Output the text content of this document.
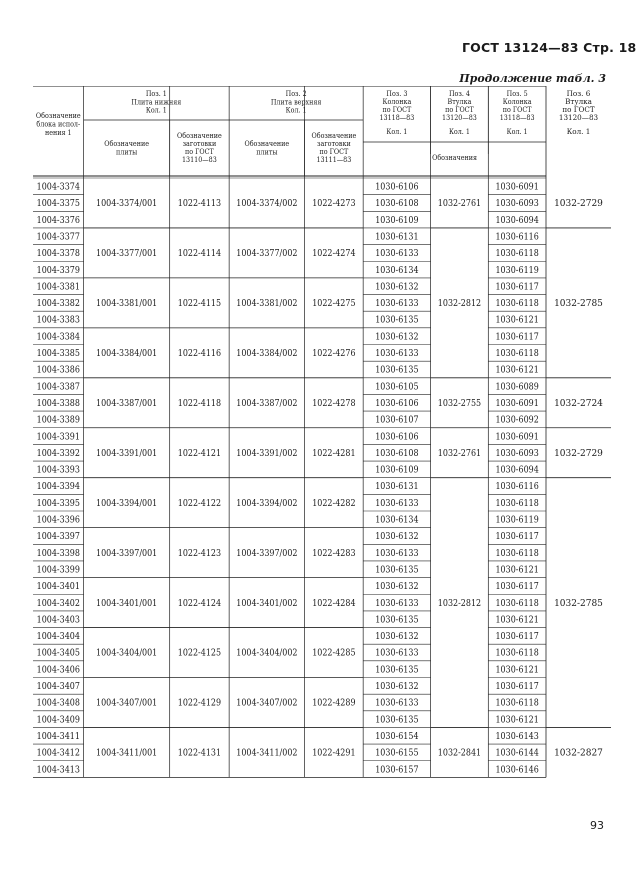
ГОСТ 13124—83 Стр. 18
Продолжение табл. 3
Обозначение
блока испол-
нения 1
Поз. 1
Плита нижняя
Кол. 1
Поз. 2
Плита верхняя
Кол. 1
Поз. 3
Колонка
по ГОСТ
13118—83
Поз. 4
Втулка
по ГОСТ
13120—83
Поз. 5
Колонка
по ГОСТ
13118—83
Обозначение
плиты
Обозначение
заготовки
по ГОСТ
13110—83
Обозначение
плиты
Обозначение
заготовки
по ГОСТ
13111—83
Кол. 1	Кол. 1	Кол. 1
Обозначения
1004-3374
1004-3375
1004-3376
1004-3377
1004-3378
1004-3379
1004-3381
1004-3382
1004-3383
1004-3384
1004-3385
1004-3386
1004-3387
1004-3388
1004-3389
1004-3391
1004-3392
1004-3393
1004-3394
1004-3395
1004-3396
1004-3397
1004-3398
1004-3399
1004-3401
1004-3402
1004-3403
1004-3404
1004-3405
1004-3406
1004-3407
1004-3408
1004-3409
1004-3411
1004-3412
1004-3413
1004-3374/001 1022-4113 1004-3374/002 1022-4273
1030-6106
1030-6108
1030-6109
1030-6091
1030-6093
1030-6094
1004-3377/001 1022-4114 1004-3377/002 1022-4274
1030-6131
1030-6133
1030-6134
1030-6116
1030-6118
1030-6119
1004-3381/001 1022-4115 1004-3381/002 1022-4275
1030-6132
1030-6133
1030-6135
1030-6117
1030-6118
1030-6121
1004-3384/001 1022-4116 1004-3384/002 1022-4276
1030-6132
1030-6133
1030-6135
1030-6117
1030-6118
1030-6121
1004-3387/001 1022-4118 1004-3387/002 1022-4278
1030-6105
1030-6106
1030-6107
1030-6089
1030-6091
1030-6092
1004-3391/001 1022-4121 1004-3391/002 1022-4281
1030-6106
1030-6108
1030-6109
1030-6091
1030-6093
1030-6094
1004-3394/001 1022-4122 1004-3394/002 1022-4282
1030-6131
1030-6133
1030-6134
1030-6116
1030-6118
1030-6119
1004-3397/001 1022-4123 1004-3397/002 1022-4283
1030-6132
1030-6133
1030-6135
1030-6117
1030-6118
1030-6121
1004-3401/001 1022-4124 1004-3401/002 1022-4284
1030-6132
1030-6133
1030-6135
1030-6117
1030-6118
1030-6121
1004-3404/001 1022-4125 1004-3404/002 1022-4285
1030-6132
1030-6133
1030-6135
1030-6117
1030-6118
1030-6121
1004-3407/001 1022-4129 1004-3407/002 1022-4289
1030-6132
1030-6133
1030-6135
1030-6117
1030-6118
1030-6121
1004-3411/001 1022-4131 1004-3411/002 1022-4291
1030-6154
1030-6155
1030-6157
1030-6143
1030-6144
1030-6146
1032-2761
1032-2812
1032-2755
1032-2761
1032-2812
1032-2841
93
Поз. 6
Втулка
по ГОСТ
13120—83
Кол. 1
1032-2729
1032-2785
1032-2724
1032-2729
1032-2785
1032-2827
